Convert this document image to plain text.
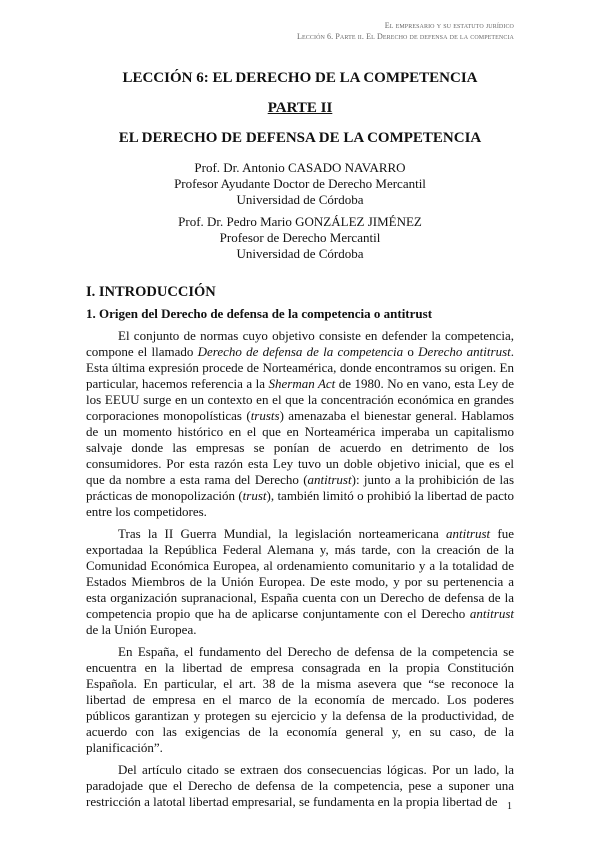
El empresario y su estatuto jurídico
Lección 6. Parte ii. El Derecho de defensa de la competencia
LECCIÓN 6: EL DERECHO DE LA COMPETENCIA
PARTE II
EL DERECHO DE DEFENSA DE LA COMPETENCIA
Prof. Dr. Antonio CASADO NAVARRO
Profesor Ayudante Doctor de Derecho Mercantil
Universidad de Córdoba
Prof. Dr. Pedro Mario GONZÁLEZ JIMÉNEZ
Profesor de Derecho Mercantil
Universidad de Córdoba
I. INTRODUCCIÓN
1. Origen del Derecho de defensa de la competencia o antitrust

El conjunto de normas cuyo objetivo consiste en defender la competencia, compone el llamado Derecho de defensa de la competencia o Derecho antitrust. Esta última expresión procede de Norteamérica, donde encontramos su origen. En particular, hacemos referencia a la Sherman Act de 1980. No en vano, esta Ley de los EEUU surge en un contexto en el que la concentración económica en grandes corporaciones monopolísticas (trusts) amenazaba el bienestar general. Hablamos de un momento histórico en el que en Norteamérica imperaba un capitalismo salvaje donde las empresas se ponían de acuerdo en detrimento de los consumidores. Por esta razón esta Ley tuvo un doble objetivo inicial, que es el que da nombre a esta rama del Derecho (antitrust): junto a la prohibición de las prácticas de monopolización (trust), también limitó o prohibió la libertad de pacto entre los competidores.

Tras la II Guerra Mundial, la legislación norteamericana antitrust fue exportadaa la República Federal Alemana y, más tarde, con la creación de la Comunidad Económica Europea, al ordenamiento comunitario y a la totalidad de Estados Miembros de la Unión Europea. De este modo, y por su pertenencia a esta organización supranacional, España cuenta con un Derecho de defensa de la competencia propio que ha de aplicarse conjuntamente con el Derecho antitrust de la Unión Europea.

En España, el fundamento del Derecho de defensa de la competencia se encuentra en la libertad de empresa consagrada en la propia Constitución Española. En particular, el art. 38 de la misma asevera que “se reconoce la libertad de empresa en el marco de la economía de mercado. Los poderes públicos garantizan y protegen su ejercicio y la defensa de la productividad, de acuerdo con las exigencias de la economía general y, en su caso, de la planificación”.

Del artículo citado se extraen dos consecuencias lógicas. Por un lado, la paradojade que el Derecho de defensa de la competencia, pese a suponer una restricción a latotal libertad empresarial, se fundamenta en la propia libertad de 1
